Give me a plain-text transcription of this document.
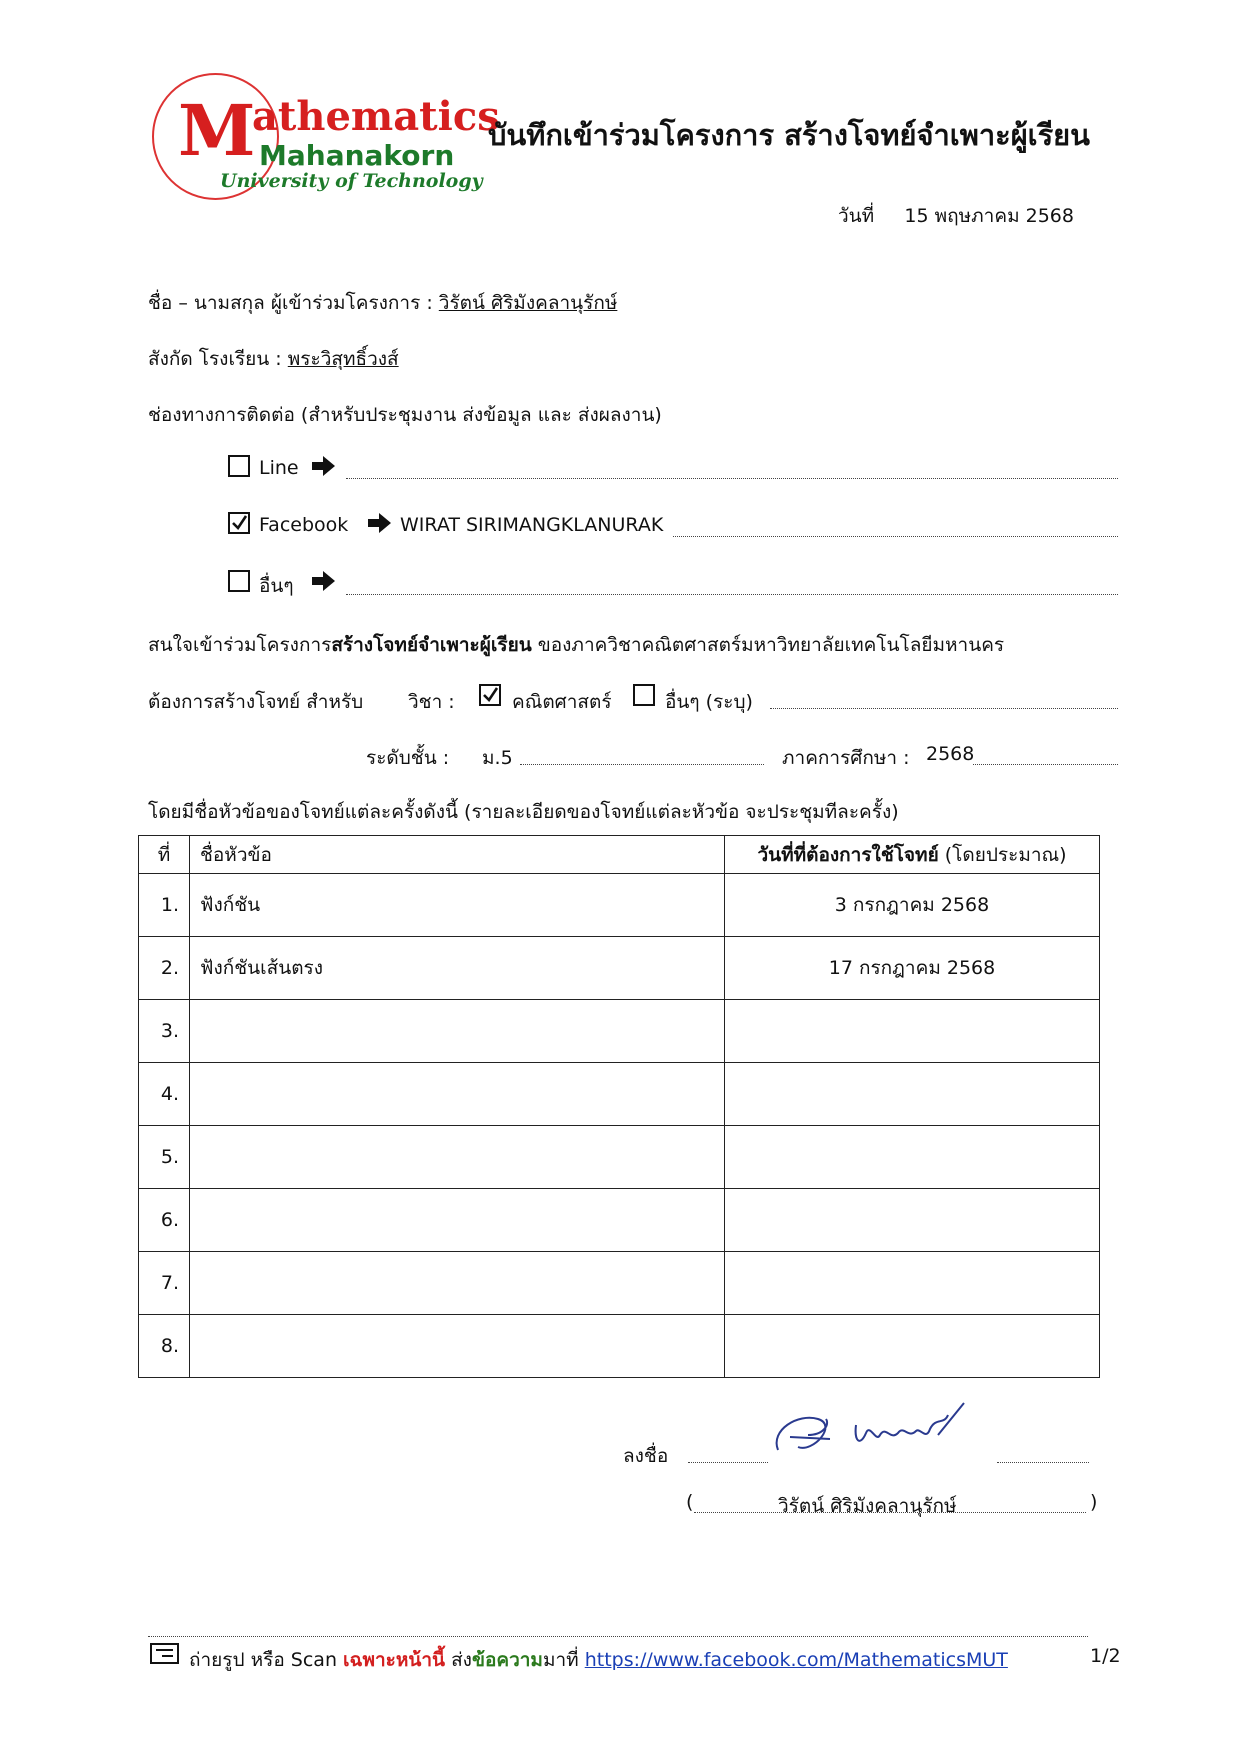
M
athematics
Mahanakorn
University of Technology
บันทึกเข้าร่วมโครงการ สร้างโจทย์จำเพาะผู้เรียน
วันที่ 15 พฤษภาคม 2568
ชื่อ – นามสกุล ผู้เข้าร่วมโครงการ : วิรัตน์ ศิริมังคลานุรักษ์
สังกัด โรงเรียน : พระวิสุทธิ์วงส์
ช่องทางการติดต่อ (สำหรับประชุมงาน ส่งข้อมูล และ ส่งผลงาน)
Line
Facebook	WIRAT SIRIMANGKLANURAK
อื่นๆ
สนใจเข้าร่วมโครงการสร้างโจทย์จำเพาะผู้เรียน ของภาควิชาคณิตศาสตร์มหาวิทยาลัยเทคโนโลยีมหานคร
ต้องการสร้างโจทย์ สำหรับ วิชา :	คณิตศาสตร์	อื่นๆ (ระบุ)
ระดับชั้น : ม.5	ภาคการศึกษา : 2568
โดยมีชื่อหัวข้อของโจทย์แต่ละครั้งดังนี้ (รายละเอียดของโจทย์แต่ละหัวข้อ จะประชุมทีละครั้ง)
ที่	ชื่อหัวข้อ	วันที่ที่ต้องการใช้โจทย์ (โดยประมาณ)
1.	ฟังก์ชัน	3 กรกฎาคม 2568
2.	ฟังก์ชันเส้นตรง	17 กรกฎาคม 2568
3.		
4.		
5.		
6.		
7.		
8.		
ลงชื่อ
(	วิรัตน์ ศิริมังคลานุรักษ์	)
ถ่ายรูป หรือ Scan เฉพาะหน้านี้ ส่งข้อความมาที่ https://www.facebook.com/MathematicsMUT	1/2
